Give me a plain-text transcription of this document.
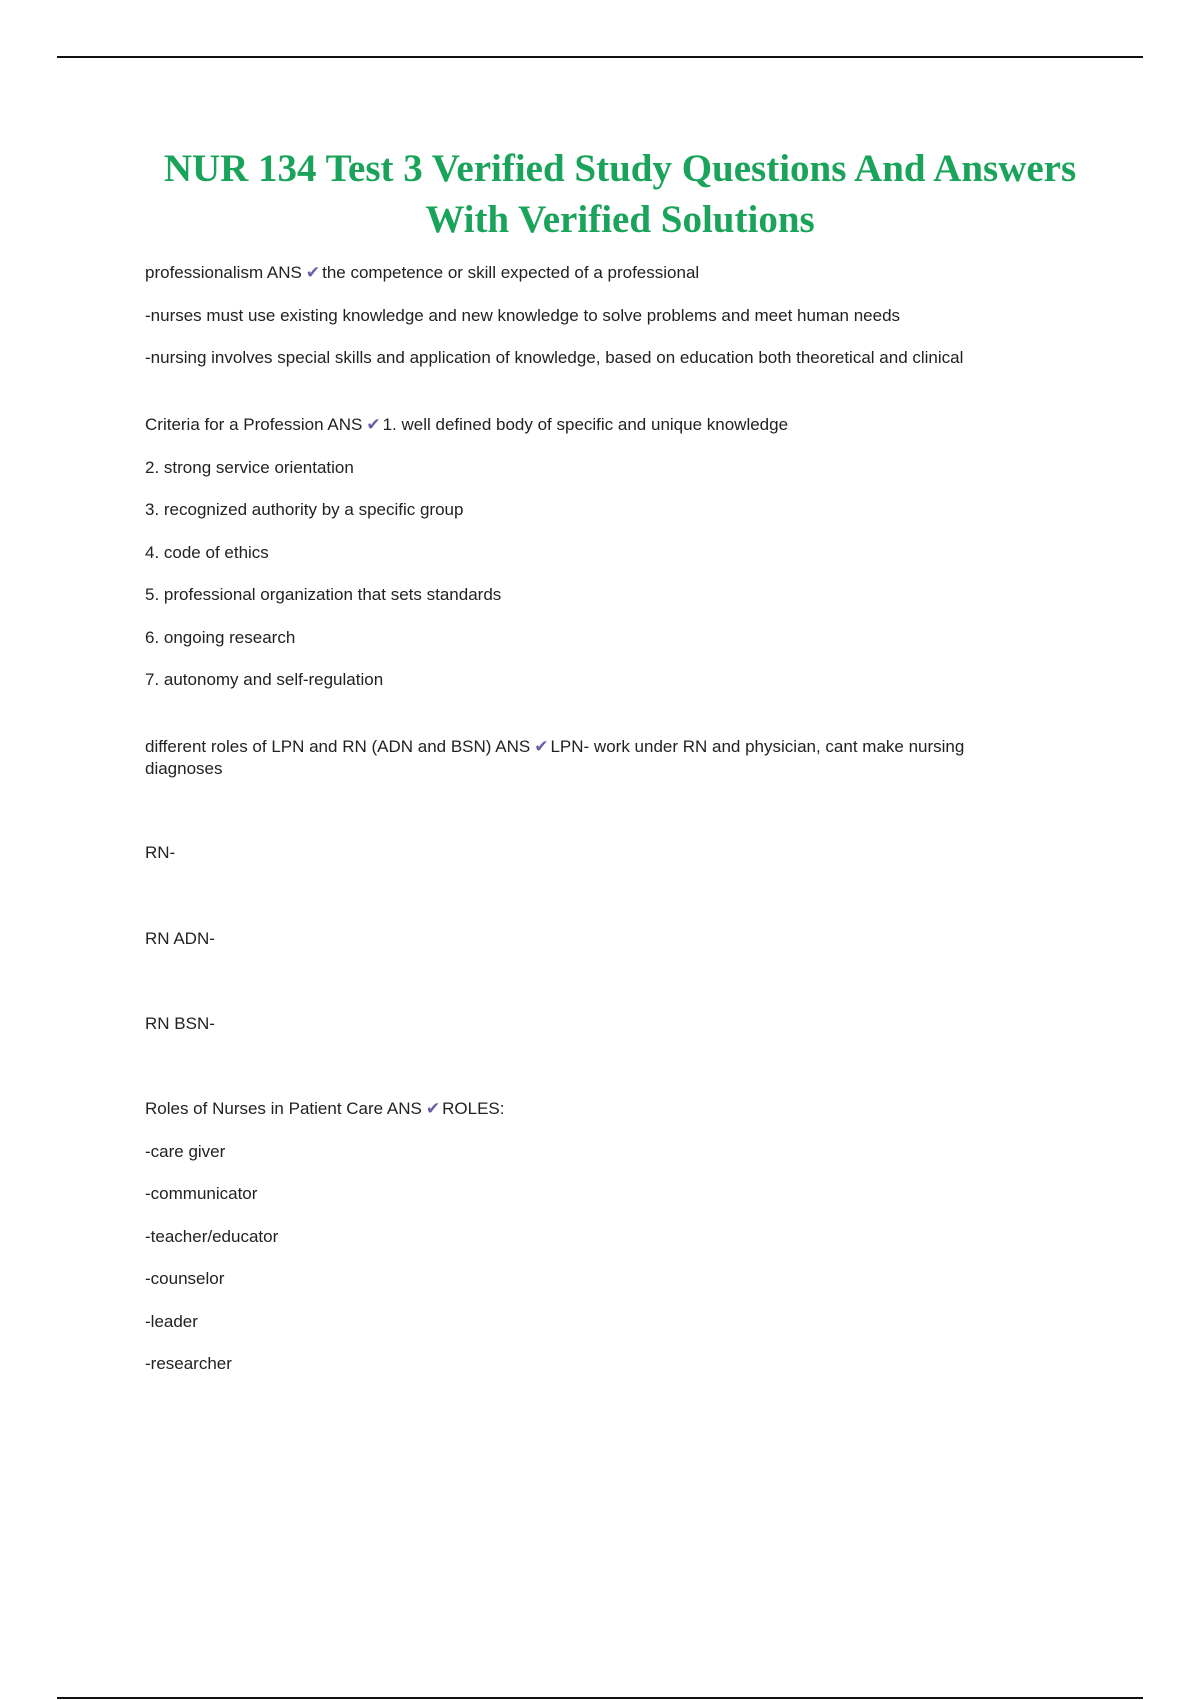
NUR 134 Test 3 Verified Study Questions And Answers
With Verified Solutions
professionalism ANS ✔ the competence or skill expected of a professional
-nurses must use existing knowledge and new knowledge to solve problems and meet human needs
-nursing involves special skills and application of knowledge, based on education both theoretical and clinical
Criteria for a Profession ANS ✔ 1. well defined body of specific and unique knowledge
2. strong service orientation
3. recognized authority by a specific group
4. code of ethics
5. professional organization that sets standards
6. ongoing research
7. autonomy and self-regulation
different roles of LPN and RN (ADN and BSN) ANS ✔ LPN- work under RN and physician, cant make nursing diagnoses
RN-
RN ADN-
RN BSN-
Roles of Nurses in Patient Care ANS ✔ ROLES:
-care giver
-communicator
-teacher/educator
-counselor
-leader
-researcher
